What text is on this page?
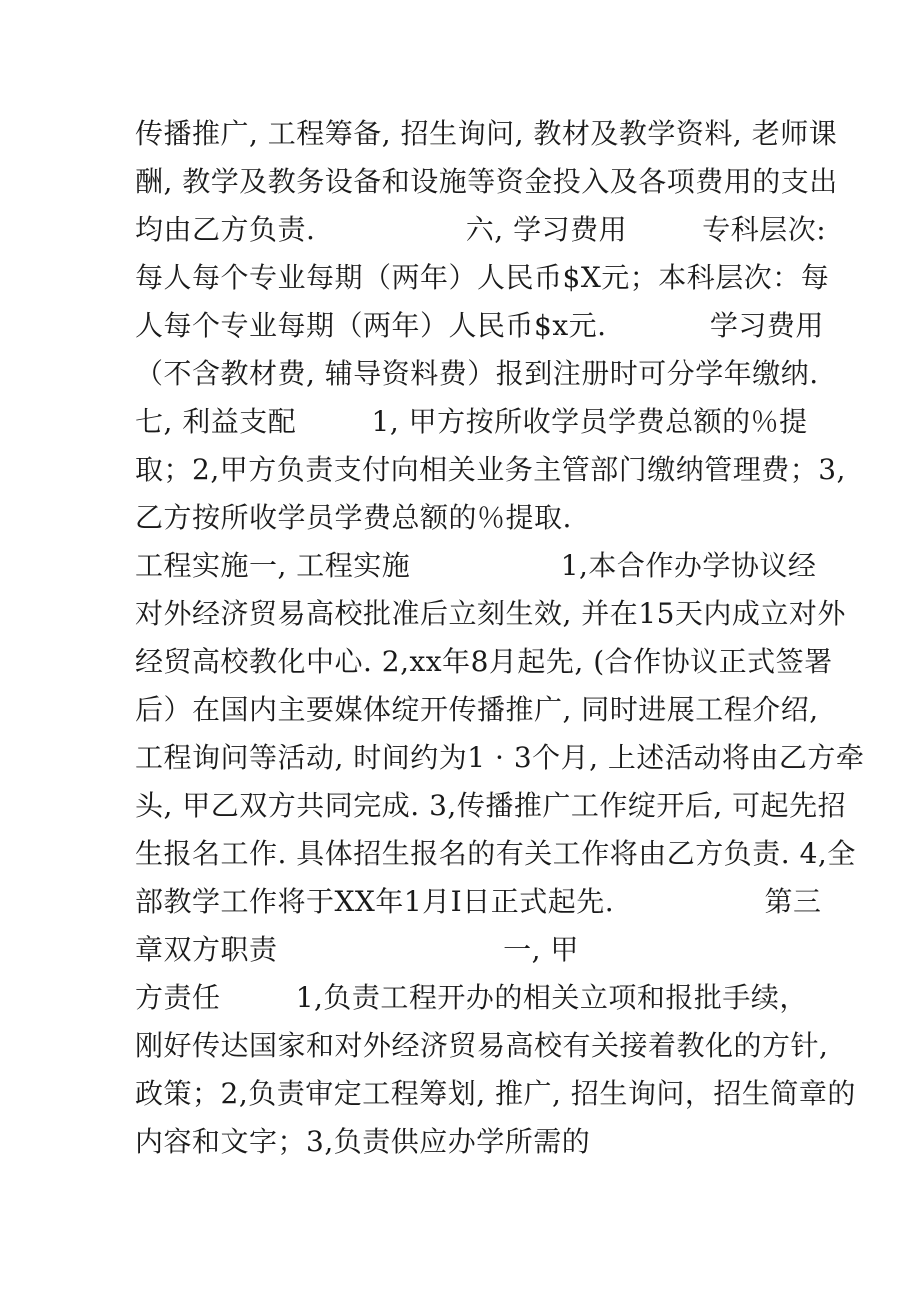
传播推广, 工程筹备, 招生询问, 教材及教学资料, 老师课
酬, 教学及教务设备和设施等资金投入及各项费用的支出
均由乙方负责.                六, 学习费用        专科层次:
每人每个专业每期（两年）人民币$X元；本科层次：每
人每个专业每期（两年）人民币$x元.           学习费用
（不含教材费, 辅导资料费）报到注册时可分学年缴纳.
七, 利益支配        1, 甲方按所收学员学费总额的％提
取；2,甲方负责支付向相关业务主管部门缴纳管理费；3,
乙方按所收学员学费总额的％提取.
工程实施一, 工程实施                1,本合作办学协议经
对外经济贸易高校批准后立刻生效, 并在15天内成立对外
经贸高校教化中心. 2,xx年8月起先, (合作协议正式签署
后）在国内主要媒体绽开传播推广, 同时进展工程介绍,
工程询问等活动, 时间约为1 · 3个月, 上述活动将由乙方牵
头, 甲乙双方共同完成. 3,传播推广工作绽开后, 可起先招
生报名工作. 具体招生报名的有关工作将由乙方负责. 4,全
部教学工作将于XX年1月I日正式起先.                第三
章双方职责                        一, 甲
方责任        1,负责工程开办的相关立项和报批手续，
刚好传达国家和对外经济贸易高校有关接着教化的方针,
政策；2,负责审定工程筹划, 推广, 招生询问，招生简章的
内容和文字；3,负责供应办学所需的
